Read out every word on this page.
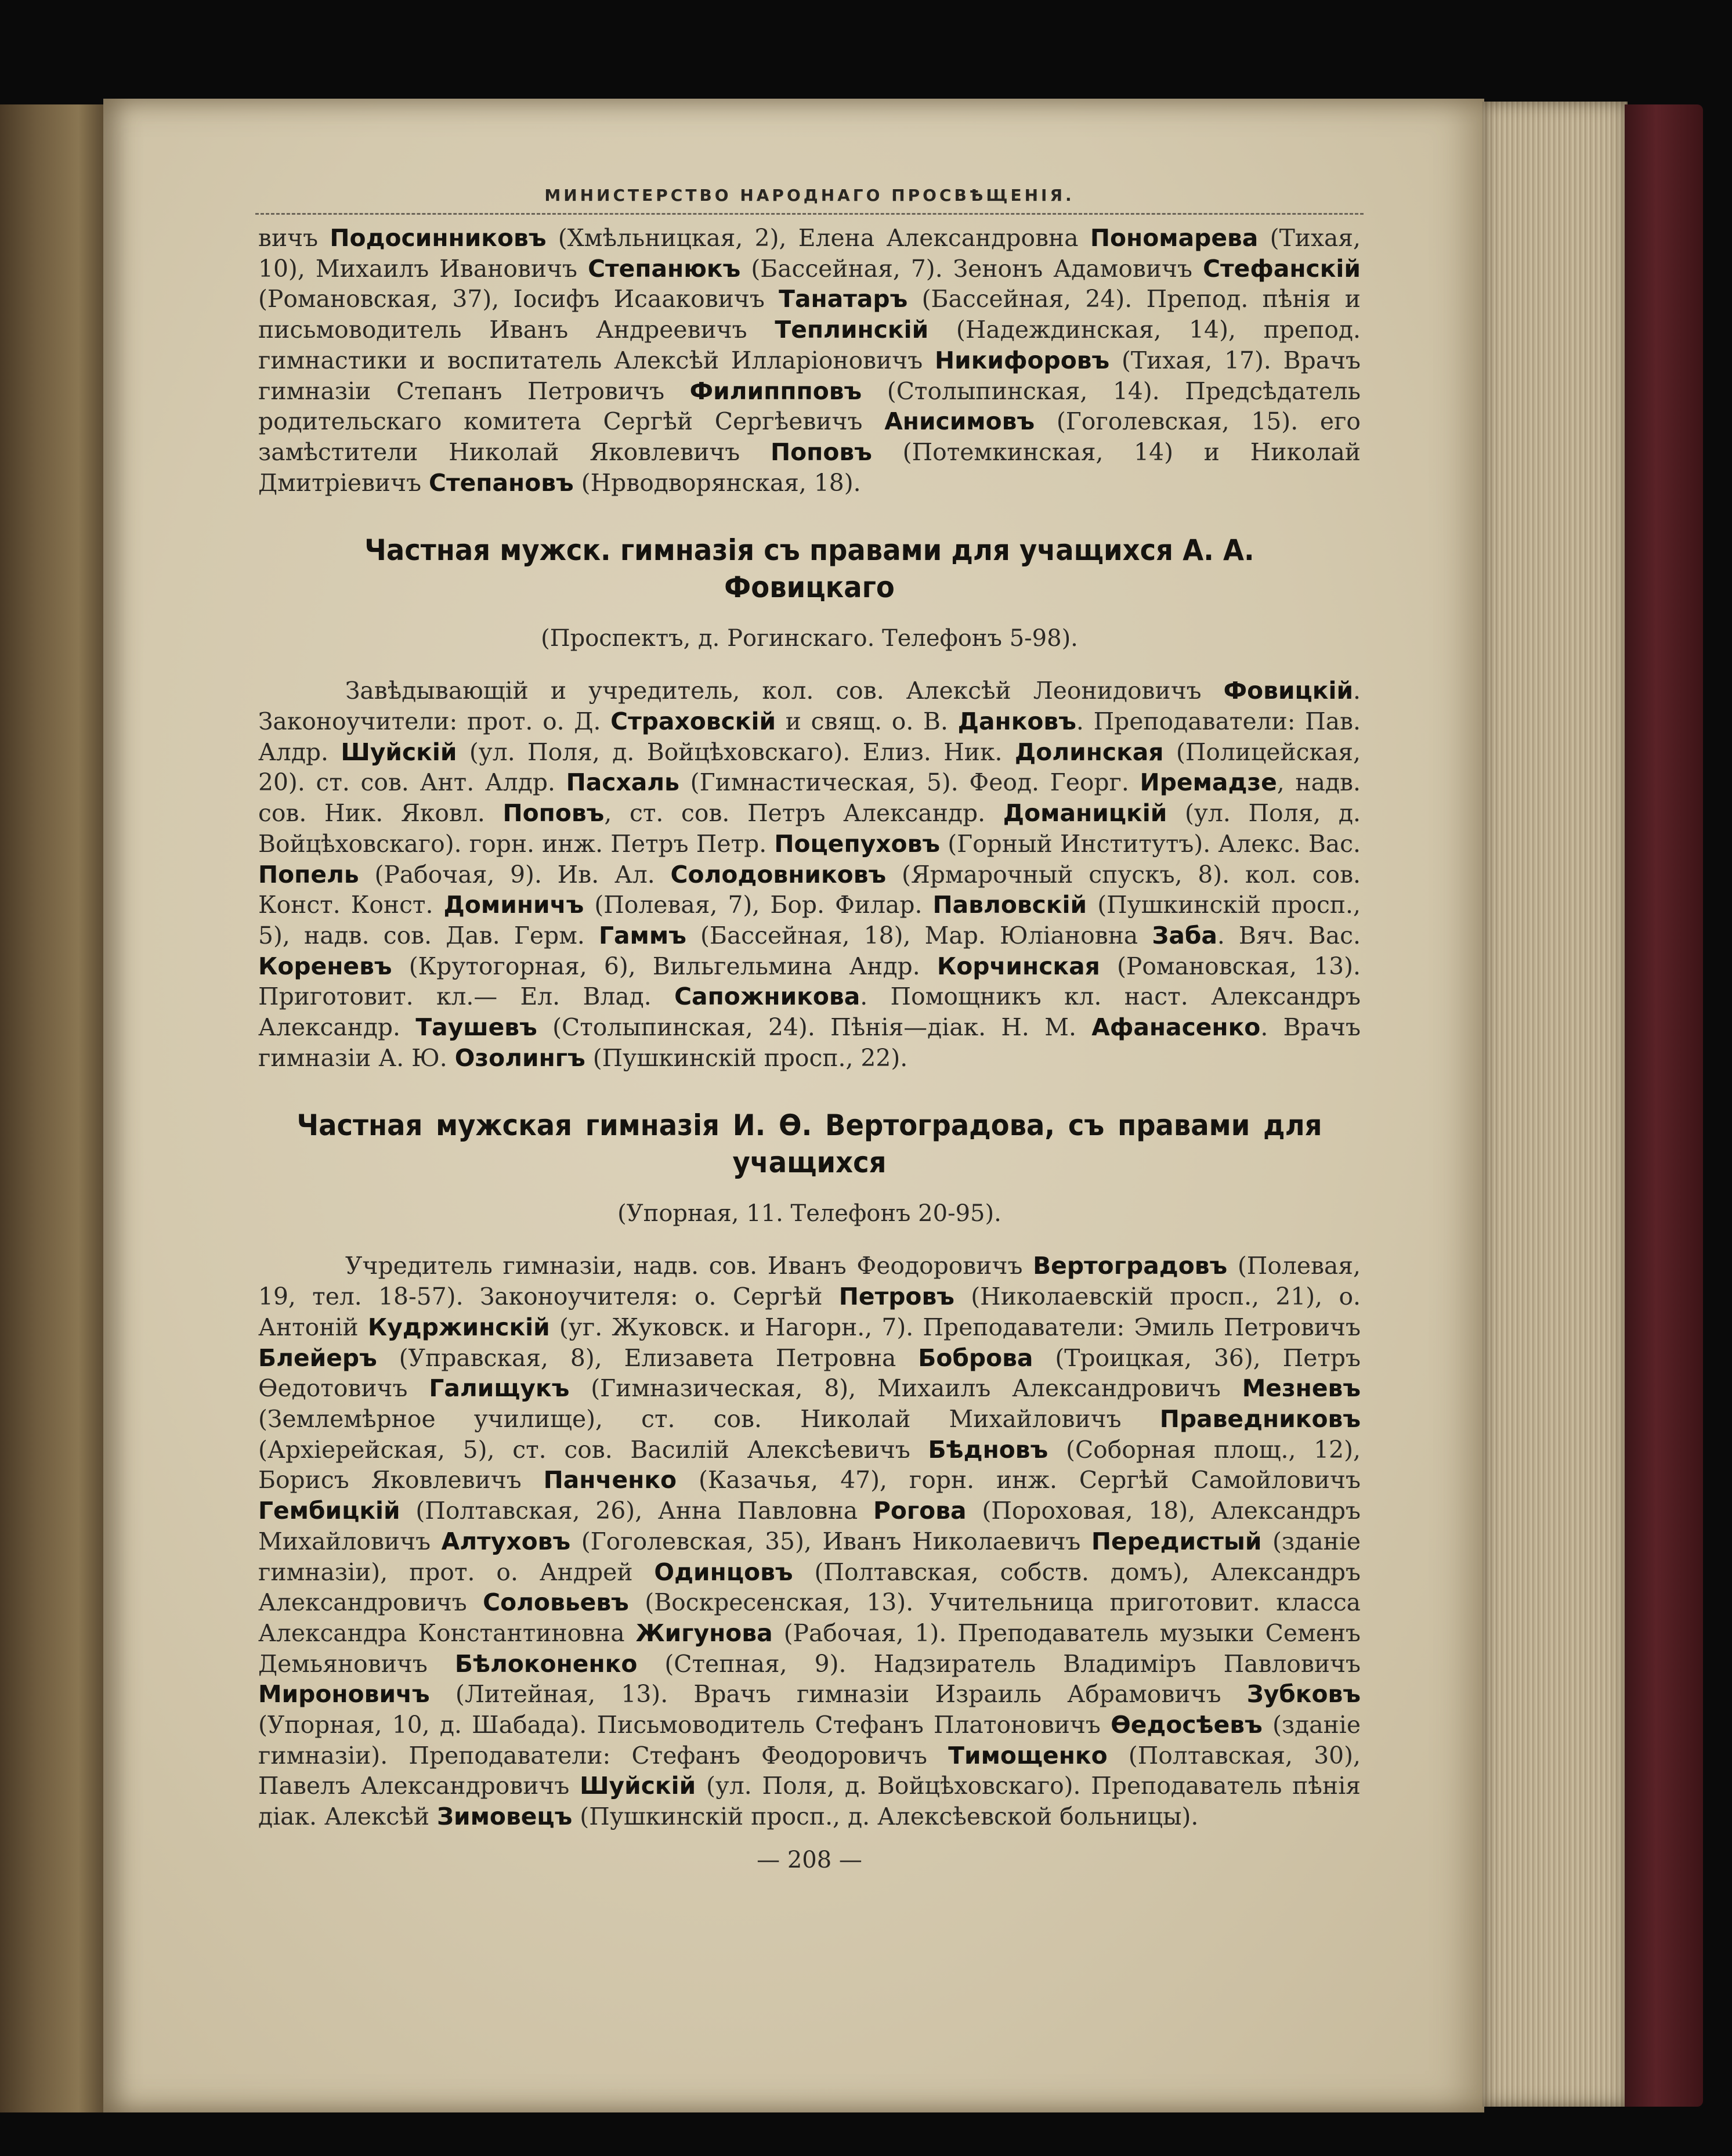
МИНИСТЕРСТВО НАРОДНАГО ПРОСВѢЩЕНІЯ.

вичъ Подосинниковъ (Хмѣльницкая, 2), Елена Александровна Пономарева (Тихая, 10), Михаилъ Ивановичъ Степанюкъ (Бассейная, 7). Зенонъ Адамовичъ Стефанскій (Романовская, 37), Іосифъ Исааковичъ Танатаръ (Бассейная, 24). Препод. пѣнія и письмоводитель Иванъ Андреевичъ Теплинскій (Надеждинская, 14), препод. гимнастики и воспитатель Алексѣй Илларіоновичъ Никифоровъ (Тихая, 17). Врачъ гимназіи Степанъ Петровичъ Филиппповъ (Столыпинская, 14). Предсѣдатель родительскаго комитета Сергѣй Сергѣевичъ Анисимовъ (Гоголевская, 15). его замѣстители Николай Яковлевичъ Поповъ (Потемкинская, 14) и Николай Дмитріевичъ Степановъ (Нрводворянская, 18).

Частная мужск. гимназія съ правами для учащихся А. А. Фовицкаго

(Проспектъ, д. Рогинскаго. Телефонъ 5-98).

Завѣдывающій и учредитель, кол. сов. Алексѣй Леонидовичъ Фовицкій. Законоучители: прот. о. Д. Страховскій и свящ. о. В. Данковъ. Преподаватели: Пав. Алдр. Шуйскій (ул. Поля, д. Войцѣховскаго). Елиз. Ник. Долинская (Полицейская, 20). ст. сов. Ант. Алдр. Пасхаль (Гимнастическая, 5). Феод. Георг. Иремадзе, надв. сов. Ник. Яковл. Поповъ, ст. сов. Петръ Александр. Доманицкій (ул. Поля, д. Войцѣховскаго). горн. инж. Петръ Петр. Поцепуховъ (Горный Институтъ). Алекс. Вас. Попель (Рабочая, 9). Ив. Ал. Солодовниковъ (Ярмарочный спускъ, 8). кол. сов. Конст. Конст. Доминичъ (Полевая, 7), Бор. Филар. Павловскій (Пушкинскій просп., 5), надв. сов. Дав. Герм. Гаммъ (Бассейная, 18), Мар. Юліановна Заба. Вяч. Вас. Кореневъ (Крутогорная, 6), Вильгельмина Андр. Корчинская (Романовская, 13). Приготовит. кл.— Ел. Влад. Сапожникова. Помощникъ кл. наст. Александръ Александр. Таушевъ (Столыпинская, 24). Пѣнія—діак. Н. М. Афанасенко. Врачъ гимназіи А. Ю. Озолингъ (Пушкинскій просп., 22).

Частная мужская гимназія И. Ѳ. Вертоградова, съ правами для учащихся

(Упорная, 11. Телефонъ 20-95).

Учредитель гимназіи, надв. сов. Иванъ Феодоровичъ Вертоградовъ (Полевая, 19, тел. 18-57). Законоучителя: о. Сергѣй Петровъ (Николаевскій просп., 21), о. Антоній Кудржинскій (уг. Жуковск. и Нагорн., 7). Преподаватели: Эмиль Петровичъ Блейеръ (Управская, 8), Елизавета Петровна Боброва (Троицкая, 36), Петръ Ѳедотовичъ Галищукъ (Гимназическая, 8), Михаилъ Александровичъ Мезневъ (Землемѣрное училище), ст. сов. Николай Михайловичъ Праведниковъ (Архіерейская, 5), ст. сов. Василій Алексѣевичъ Бѣдновъ (Соборная площ., 12), Борисъ Яковлевичъ Панченко (Казачья, 47), горн. инж. Сергѣй Самойловичъ Гембицкій (Полтавская, 26), Анна Павловна Рогова (Пороховая, 18), Александръ Михайловичъ Алтуховъ (Гоголевская, 35), Иванъ Николаевичъ Передистый (зданіе гимназіи), прот. о. Андрей Одинцовъ (Полтавская, собств. домъ), Александръ Александровичъ Соловьевъ (Воскресенская, 13). Учительница приготовит. класса Александра Константиновна Жигунова (Рабочая, 1). Преподаватель музыки Семенъ Демьяновичъ Бѣлоконенко (Степная, 9). Надзиратель Владиміръ Павловичъ Мироновичъ (Литейная, 13). Врачъ гимназіи Израиль Абрамовичъ Зубковъ (Упорная, 10, д. Шабада). Письмоводитель Стефанъ Платоновичъ Ѳедосѣевъ (зданіе гимназіи). Преподаватели: Стефанъ Феодоровичъ Тимощенко (Полтавская, 30), Павелъ Александровичъ Шуйскій (ул. Поля, д. Войцѣховскаго). Преподаватель пѣнія діак. Алексѣй Зимовецъ (Пушкинскій просп., д. Алексѣевской больницы).

— 208 —
